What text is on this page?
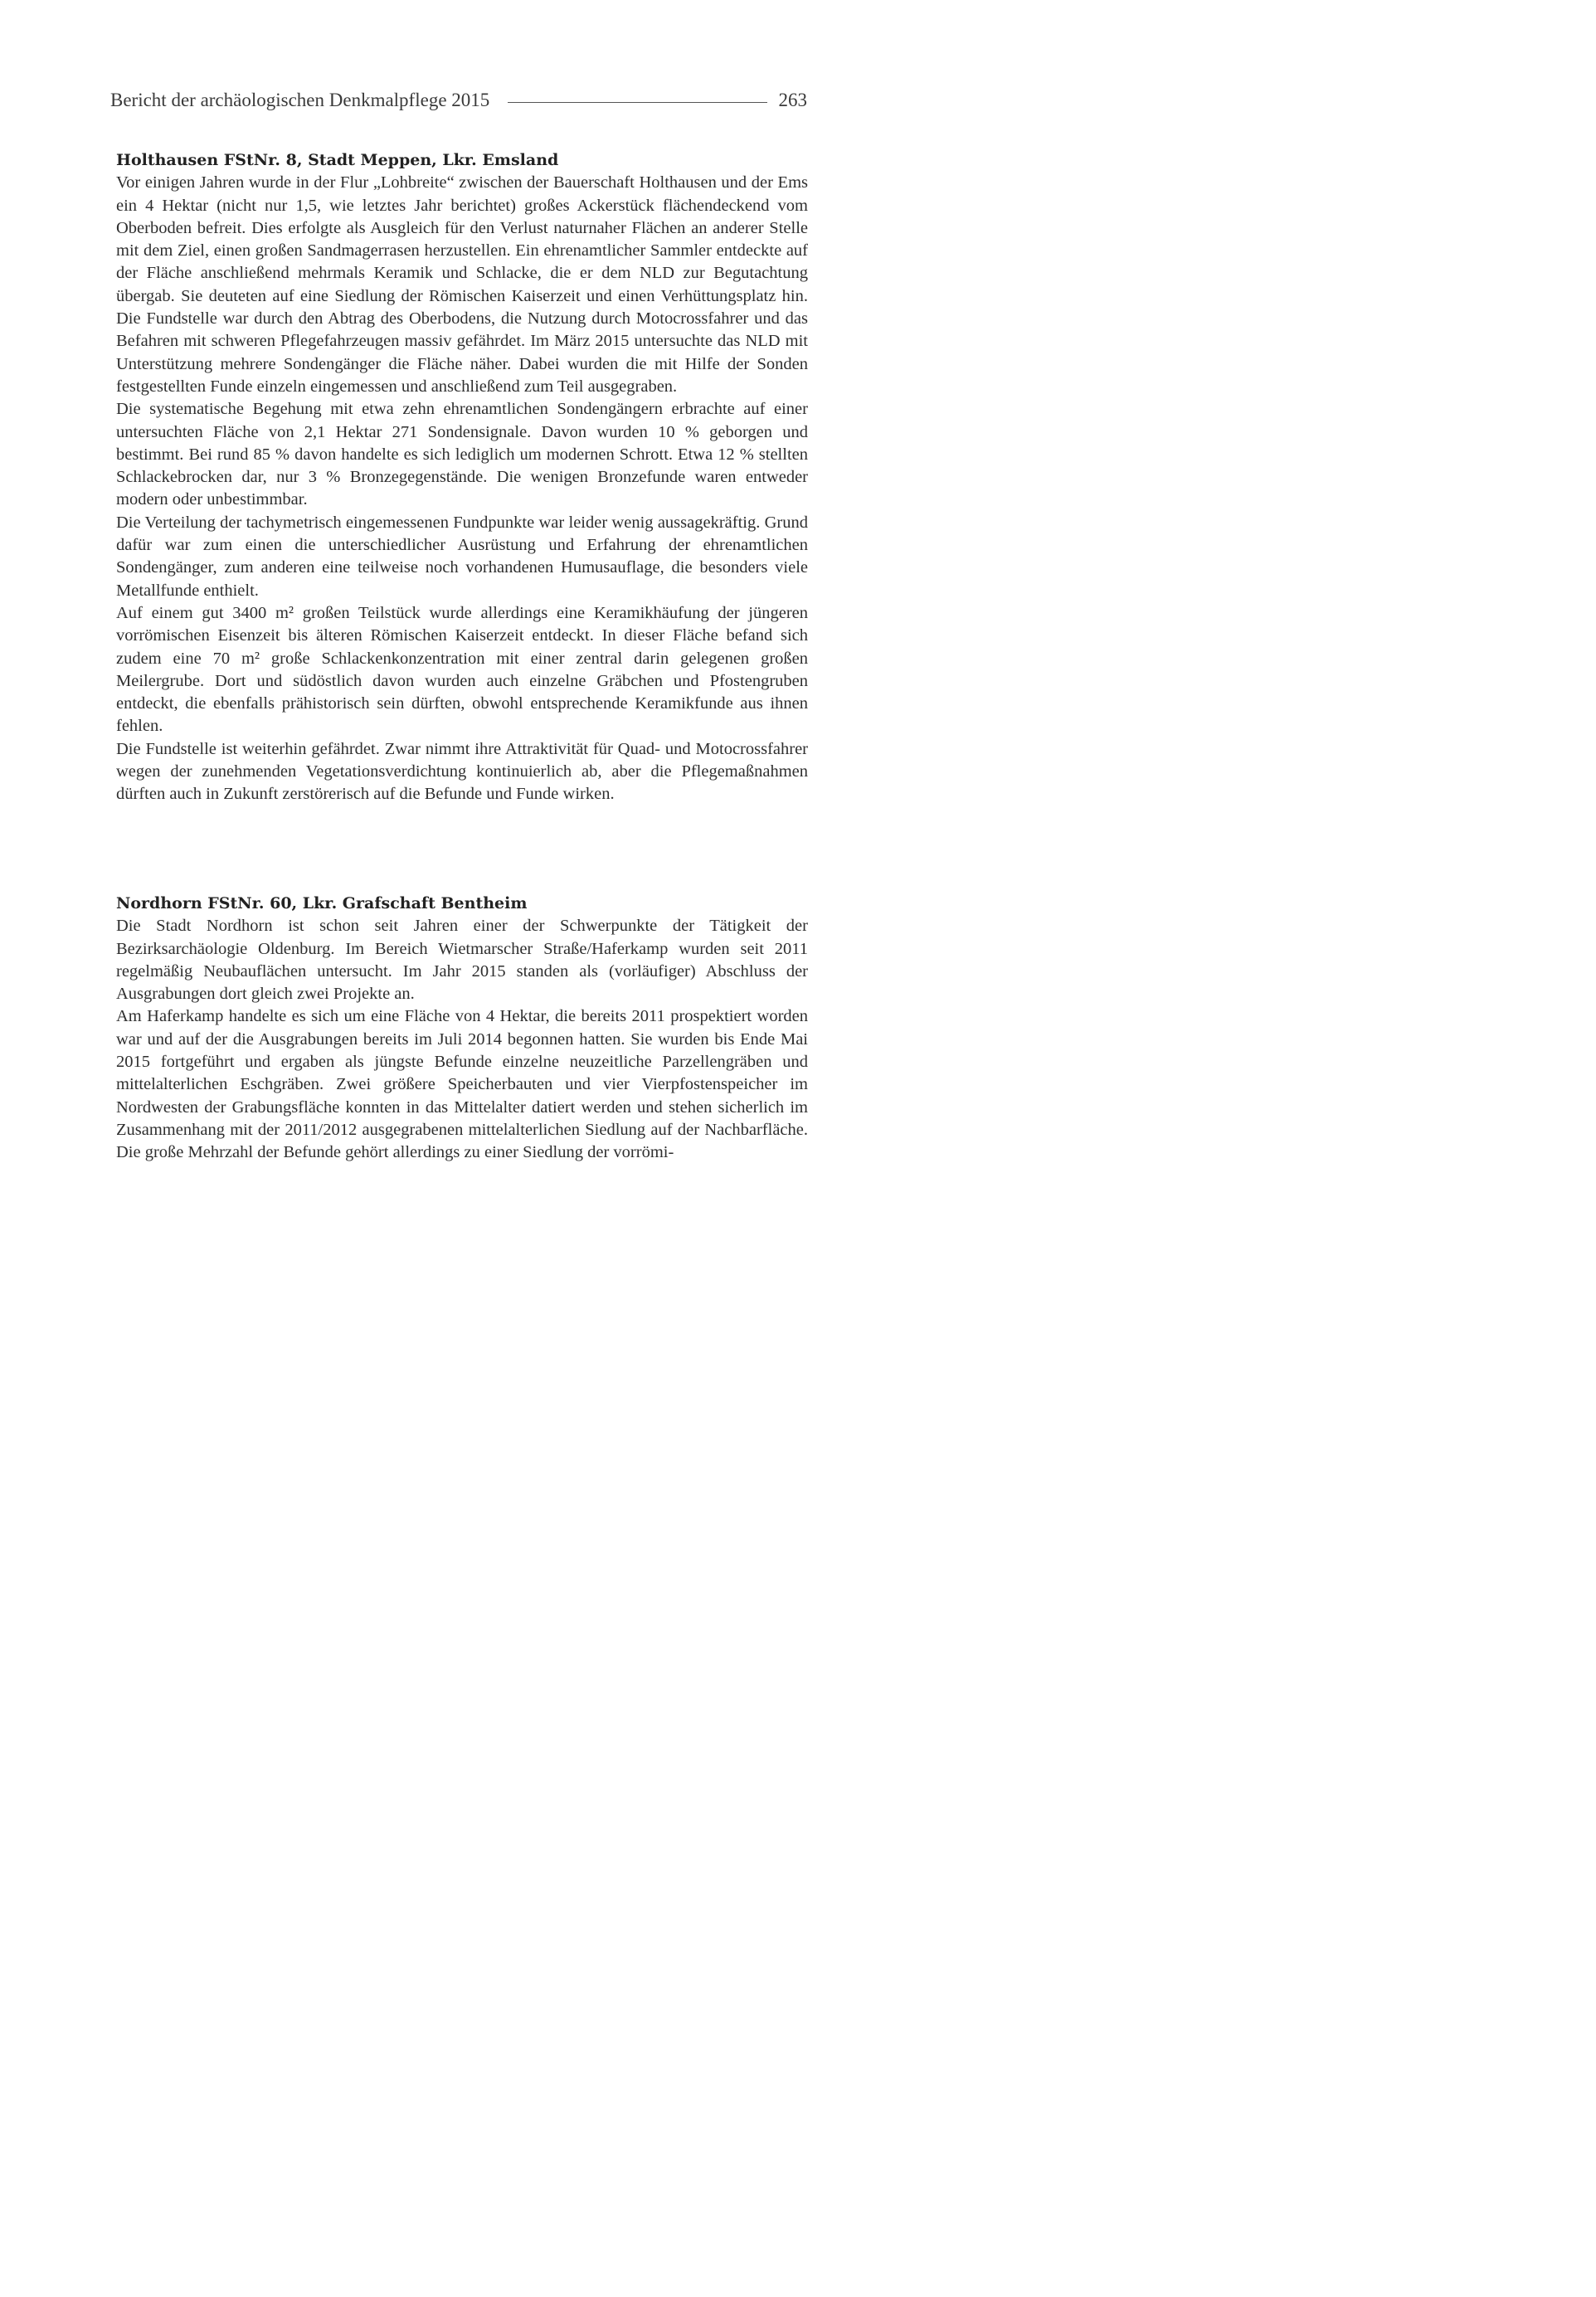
Bericht der archäologischen Denkmalpflege 2015	263
Holthausen FStNr. 8, Stadt Meppen, Lkr. Emsland

Vor einigen Jahren wurde in der Flur „Lohbreite“ zwischen der Bauerschaft Holthausen und der Ems ein 4 Hektar (nicht nur 1,5, wie letztes Jahr berichtet) großes Ackerstück flächendeckend vom Oberboden befreit. Dies erfolgte als Ausgleich für den Verlust naturnaher Flächen an anderer Stelle mit dem Ziel, einen großen Sandmagerrasen herzustellen. Ein ehrenamtlicher Sammler entdeckte auf der Fläche anschließend mehrmals Keramik und Schlacke, die er dem NLD zur Begutachtung übergab. Sie deuteten auf eine Siedlung der Römischen Kaiserzeit und einen Verhüttungsplatz hin. Die Fundstelle war durch den Abtrag des Oberbodens, die Nutzung durch Motocrossfahrer und das Befahren mit schweren Pflegefahrzeugen massiv gefährdet. Im März 2015 untersuchte das NLD mit Unterstützung mehrere Sondengänger die Fläche näher. Dabei wurden die mit Hilfe der Sonden festgestellten Funde einzeln eingemessen und anschließend zum Teil ausgegraben.

Die systematische Begehung mit etwa zehn ehrenamtlichen Sondengängern erbrachte auf einer untersuchten Fläche von 2,1 Hektar 271 Sondensignale. Davon wurden 10 % geborgen und bestimmt. Bei rund 85 % davon handelte es sich lediglich um modernen Schrott. Etwa 12 % stellten Schlackebrocken dar, nur 3 % Bronzegegenstände. Die wenigen Bronzefunde waren entweder modern oder unbestimmbar.

Die Verteilung der tachymetrisch eingemessenen Fundpunkte war leider wenig aussagekräftig. Grund dafür war zum einen die unterschiedlicher Ausrüstung und Erfahrung der ehrenamtlichen Sondengänger, zum anderen eine teilweise noch vorhandenen Humusauflage, die besonders viele Metallfunde enthielt.

Auf einem gut 3400 m² großen Teilstück wurde allerdings eine Keramikhäufung der jüngeren vorrömischen Eisenzeit bis älteren Römischen Kaiserzeit entdeckt. In dieser Fläche befand sich zudem eine 70 m² große Schlackenkonzentration mit einer zentral darin gelegenen großen Meilergrube. Dort und südöstlich davon wurden auch einzelne Gräbchen und Pfostengruben entdeckt, die ebenfalls prähistorisch sein dürften, obwohl entsprechende Keramikfunde aus ihnen fehlen.

Die Fundstelle ist weiterhin gefährdet. Zwar nimmt ihre Attraktivität für Quad- und Motocrossfahrer wegen der zunehmenden Vegetationsverdichtung kontinuierlich ab, aber die Pflegemaßnahmen dürften auch in Zukunft zerstörerisch auf die Befunde und Funde wirken.

Nordhorn FStNr. 60, Lkr. Grafschaft Bentheim

Die Stadt Nordhorn ist schon seit Jahren einer der Schwerpunkte der Tätigkeit der Bezirksarchäologie Oldenburg. Im Bereich Wietmarscher Straße/Haferkamp wurden seit 2011 regelmäßig Neubauflächen untersucht. Im Jahr 2015 standen als (vorläufiger) Abschluss der Ausgrabungen dort gleich zwei Projekte an.

Am Haferkamp handelte es sich um eine Fläche von 4 Hektar, die bereits 2011 prospektiert worden war und auf der die Ausgrabungen bereits im Juli 2014 begonnen hatten. Sie wurden bis Ende Mai 2015 fortgeführt und ergaben als jüngste Befunde einzelne neuzeitliche Parzellengräben und mittelalterlichen Eschgräben. Zwei größere Speicherbauten und vier Vierpfostenspeicher im Nordwesten der Grabungsfläche konnten in das Mittelalter datiert werden und stehen sicherlich im Zusammenhang mit der 2011/2012 ausgegrabenen mittelalterlichen Siedlung auf der Nachbarfläche. Die große Mehrzahl der Befunde gehört allerdings zu einer Siedlung der vorrömi-
